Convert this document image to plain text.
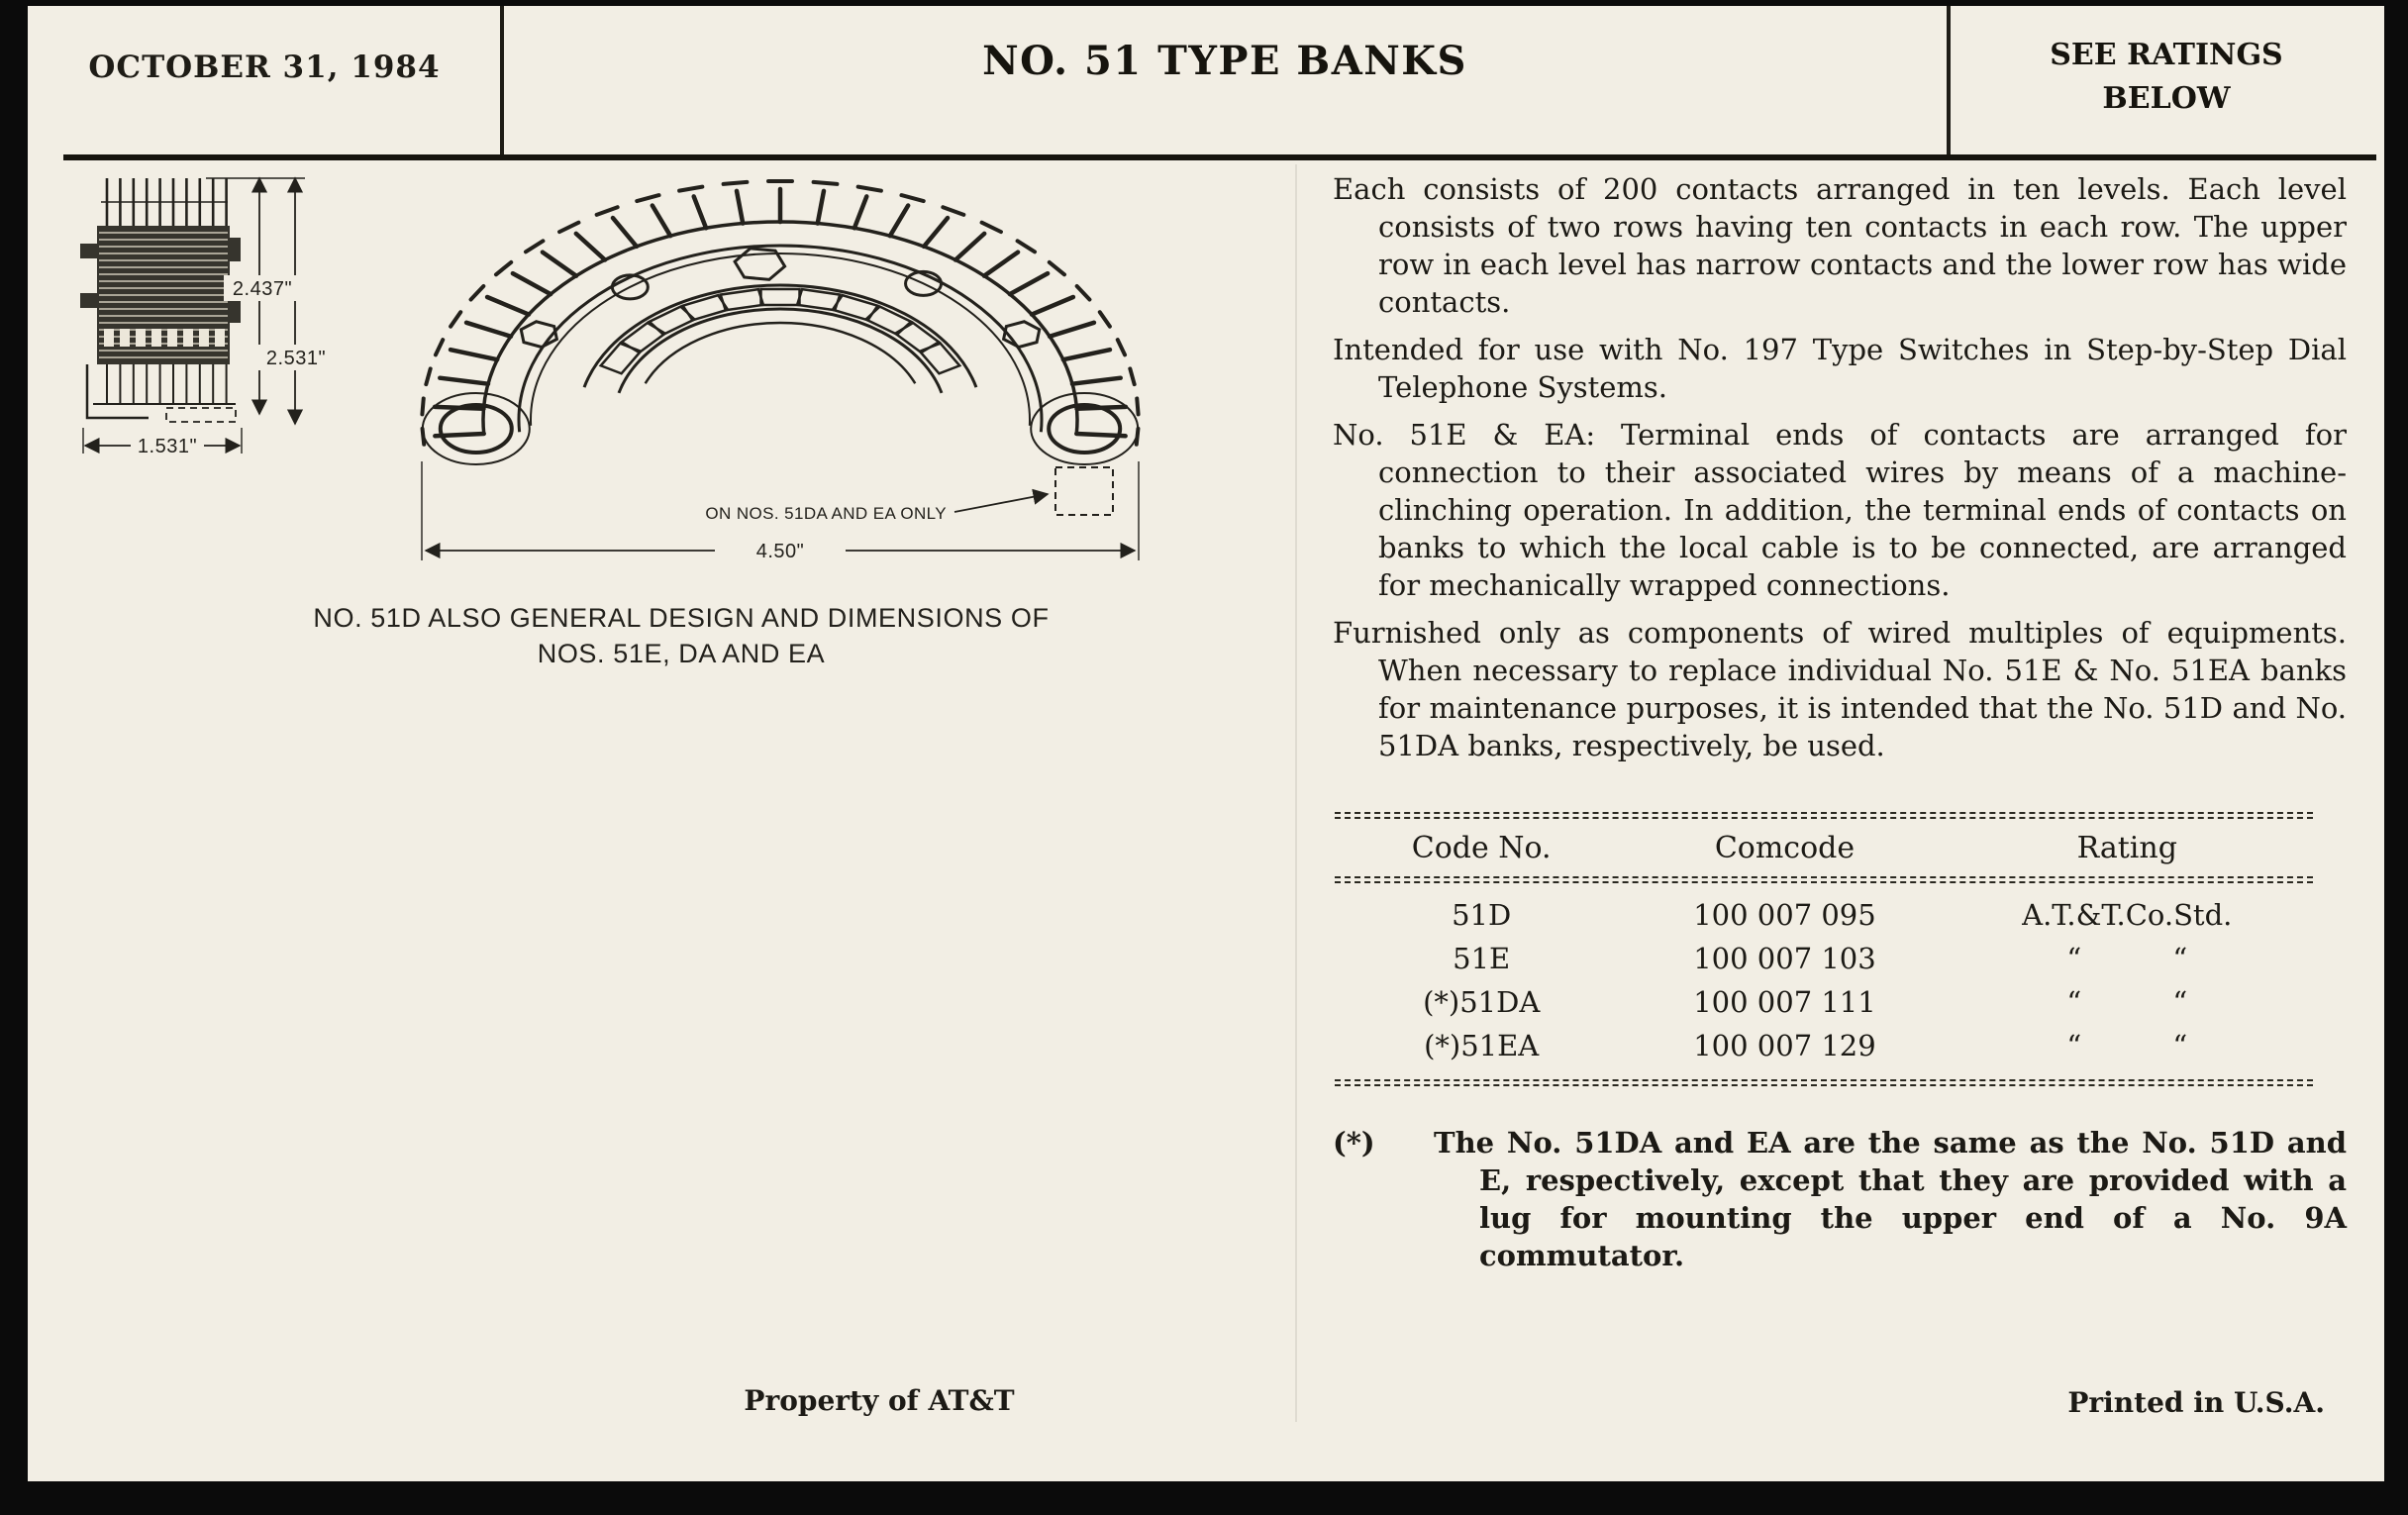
OCTOBER 31, 1984	NO. 51 TYPE BANKS	SEE RATINGS
BELOW
2.437"
2.531"
1.531"
4.50"
ON NOS. 51DA AND EA ONLY
NO. 51D ALSO GENERAL DESIGN AND DIMENSIONS OF
NOS. 51E, DA AND EA

Each consists of 200 contacts arranged in ten levels. Each level consists of two rows having ten contacts in each row. The upper row in each level has narrow contacts and the lower row has wide contacts.

Intended for use with No. 197 Type Switches in Step-by-Step Dial Telephone Systems.

No. 51E & EA: Terminal ends of contacts are arranged for connection to their associated wires by means of a machine-clinching operation. In addition, the terminal ends of contacts on banks to which the local cable is to be connected, are arranged for mechanically wrapped connections.

Furnished only as components of wired multiples of equipments. When necessary to replace individual No. 51E & No. 51EA banks for maintenance purposes, it is intended that the No. 51D and No. 51DA banks, respectively, be used.

Code No.	Comcode	Rating
51D	100 007 095	A.T.&T.Co.Std.
51E	100 007 103	“          “
(*)51DA	100 007 111	“          “
(*)51EA	100 007 129	“          “
(*)	The No. 51DA and EA are the same as the No. 51D and E, respectively, except that they are provided with a lug for mounting the upper end of a No. 9A commutator.

Property of AT&T	Printed in U.S.A.
